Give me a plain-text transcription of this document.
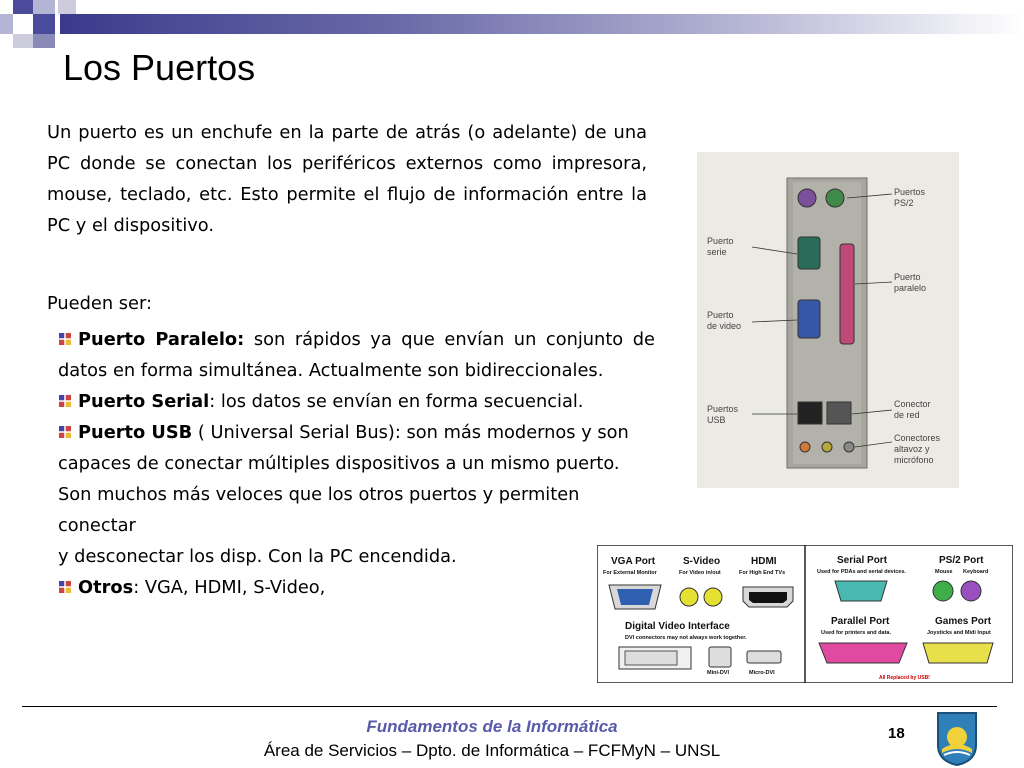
Los Puertos
Un puerto es un enchufe en la parte de atrás (o adelante) de una PC donde se conectan los periféricos externos como impresora, mouse, teclado, etc. Esto permite el flujo de información entre la PC y el dispositivo.
Pueden ser:
Puerto Paralelo: son rápidos ya que envían un conjunto de datos en forma simultánea. Actualmente son bidireccionales.
Puerto Serial: los datos se envían en forma secuencial.
Puerto USB ( Universal Serial Bus): son más modernos y son capaces de conectar múltiples dispositivos a un mismo puerto. Son muchos más veloces que los otros puertos y permiten conectar
y desconectar los disp. Con la PC encendida.
Otros: VGA, HDMI, S-Video,
Puertos
PS/2
Puerto
serie
Puerto
paralelo
Puerto
de video
Puertos
USB
Conector
de red
Conectores
altavoz y
micrófono
VGA Port
For External Monitor
S-Video
For Video in/out
HDMI
For High End TVs
Digital Video Interface
DVI connectors may not always work together.
Mini-DVI	Micro-DVI
Serial Port
Used for PDAs and serial devices.
PS/2 Port
Mouse Keyboard
Parallel Port
Used for printers and data.
Games Port
Joysticks and Midi Input
All Replaced by USB!
Fundamentos de la Informática
Área de Servicios – Dpto. de Informática – FCFMyN – UNSL
18
